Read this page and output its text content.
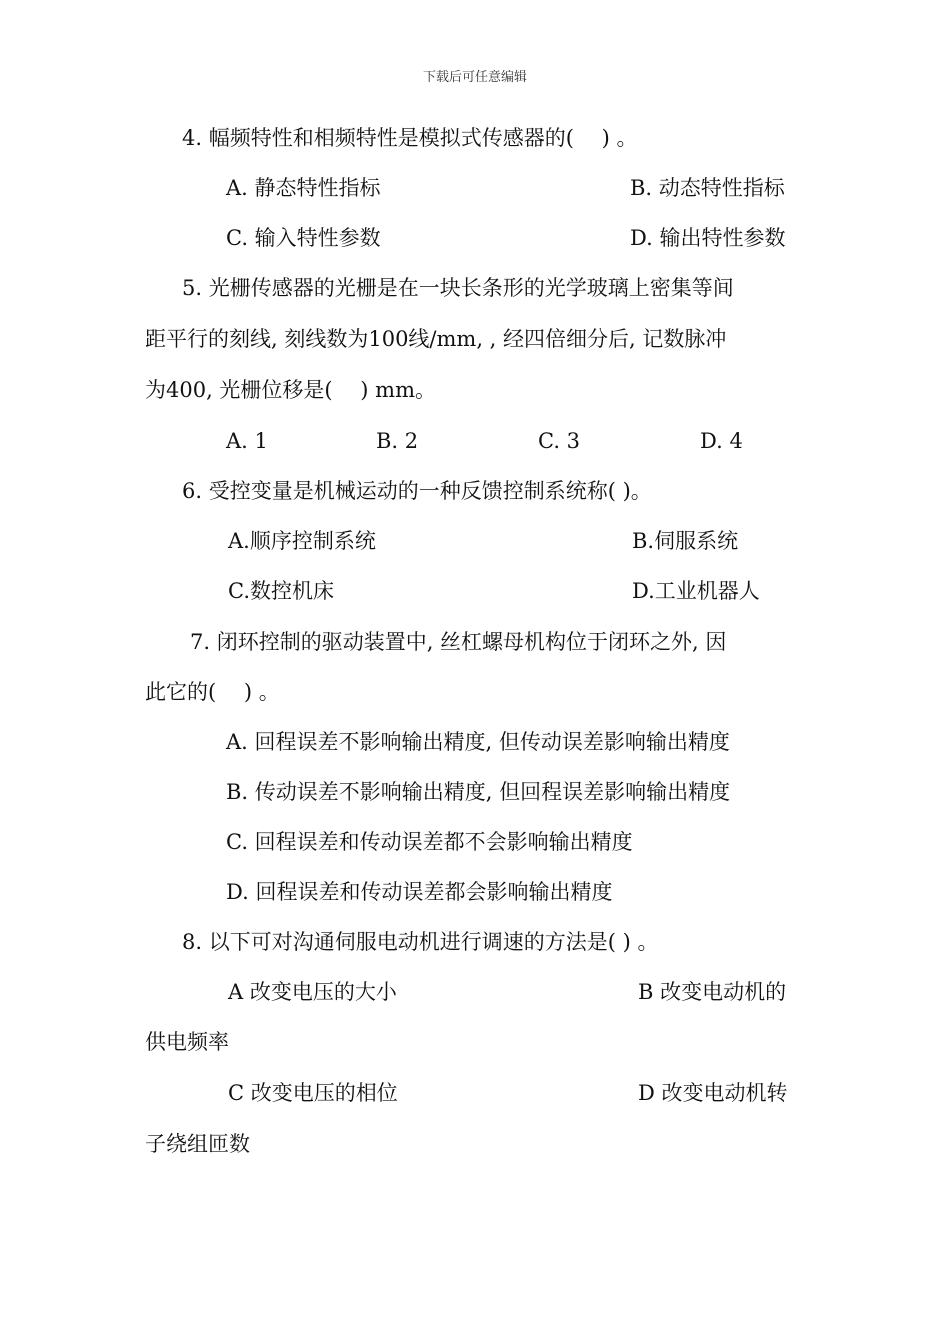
下载后可任意编辑
4. 幅频特性和相频特性是模拟式传感器的(　 ) 。
A. 静态特性指标	B. 动态特性指标
C. 输入特性参数	D. 输出特性参数
5. 光栅传感器的光栅是在一块长条形的光学玻璃上密集等间
距平行的刻线, 刻线数为100线/mm, , 经四倍细分后, 记数脉冲
为400, 光栅位移是(　 ) mm。
A. 1	B. 2	C. 3	D. 4
6. 受控变量是机械运动的一种反馈控制系统称( )。
A.顺序控制系统	B.伺服系统
C.数控机床	D.工业机器人
7. 闭环控制的驱动装置中, 丝杠螺母机构位于闭环之外, 因
此它的(　 ) 。
A. 回程误差不影响输出精度, 但传动误差影响输出精度
B. 传动误差不影响输出精度, 但回程误差影响输出精度
C. 回程误差和传动误差都不会影响输出精度
D. 回程误差和传动误差都会影响输出精度
8. 以下可对沟通伺服电动机进行调速的方法是( ) 。
A 改变电压的大小	B 改变电动机的
供电频率
C 改变电压的相位	D 改变电动机转
子绕组匝数
